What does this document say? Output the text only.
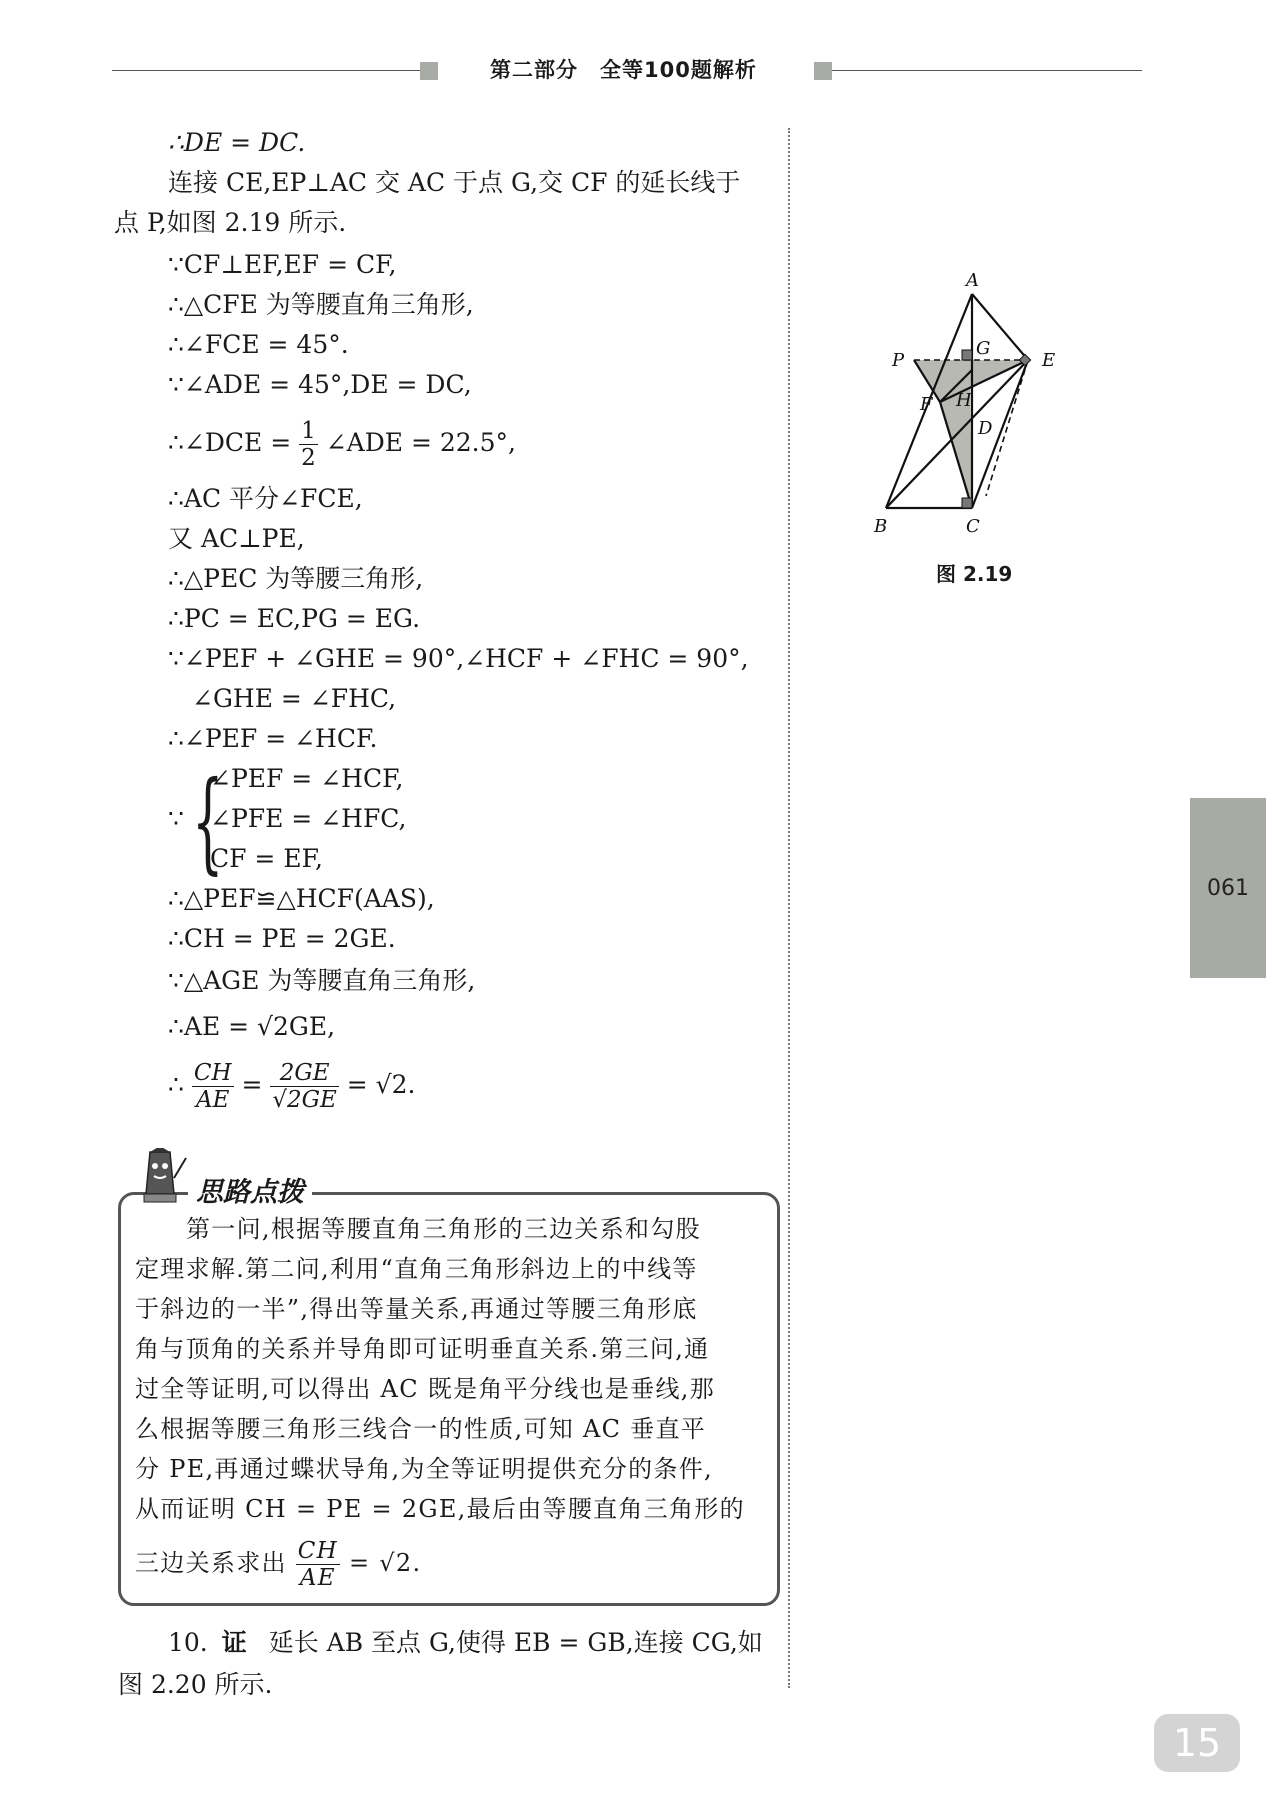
第二部分　全等100题解析
∴DE = DC.
连接 CE,EP⊥AC 交 AC 于点 G,交 CF 的延长线于
点 P,如图 2.19 所示.
∵CF⊥EF,EF = CF,
∴△CFE 为等腰直角三角形,
∴∠FCE = 45°.
∵∠ADE = 45°,DE = DC,
∴∠DCE = $\frac{1}{2}$ ∠ADE = 22.5°,
∴AC 平分∠FCE,
又 AC⊥PE,
∴△PEC 为等腰三角形,
∴PC = EC,PG = EG.
∵∠PEF + ∠GHE = 90°,∠HCF + ∠FHC = 90°,
∠GHE = ∠FHC,
∴∠PEF = ∠HCF.
∵ {
∠PEF = ∠HCF,
∠PFE = ∠HFC,
CF = EF,
∴△PEF≌△HCF(AAS),
∴CH = PE = 2GE.
∵△AGE 为等腰直角三角形,
∴AE = √2GE,
∴ $\frac{CH}{AE} = \frac{2GE}{√2GE} = √2$.
A
B	C
D
E
F
G
H
P
图 2.19
思路点拨
第一问,根据等腰直角三角形的三边关系和勾股
定理求解.第二问,利用“直角三角形斜边上的中线等
于斜边的一半”,得出等量关系,再通过等腰三角形底
角与顶角的关系并导角即可证明垂直关系.第三问,通
过全等证明,可以得出 AC 既是角平分线也是垂线,那
么根据等腰三角形三线合一的性质,可知 AC 垂直平
分 PE,再通过蝶状导角,为全等证明提供充分的条件,
从而证明 CH = PE = 2GE,最后由等腰直角三角形的
三边关系求出 $\frac{CH}{AE} = √2$.
10. 证 延长 AB 至点 G,使得 EB = GB,连接 CG,如
图 2.20 所示.
061
15
